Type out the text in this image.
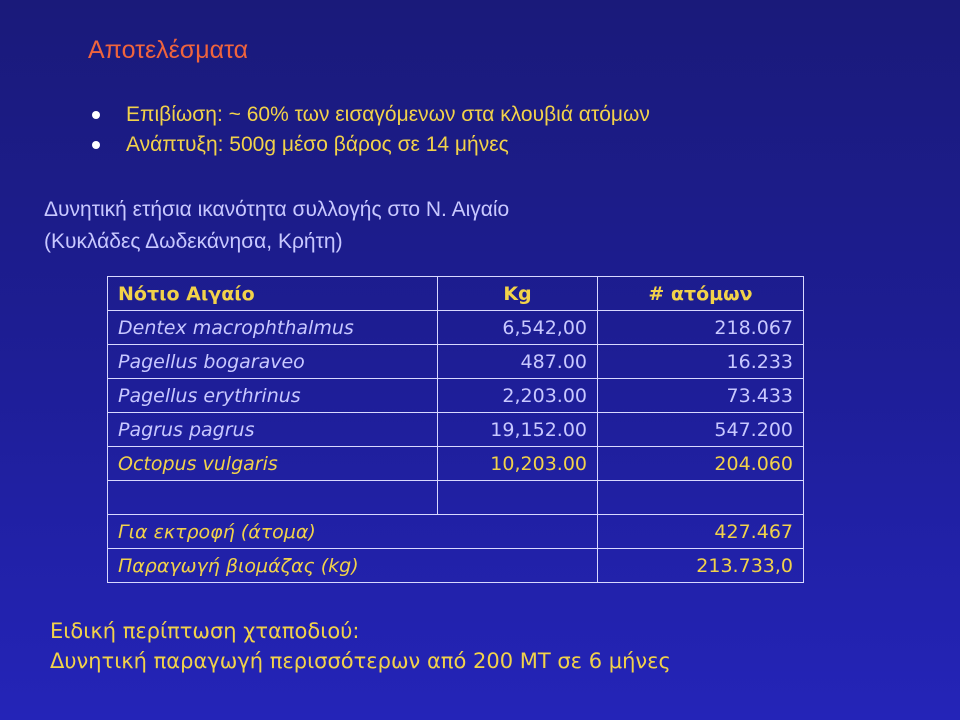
Αποτελέσματα
Επιβίωση: ~ 60% των εισαγόμενων στα κλουβιά ατόμων
Ανάπτυξη: 500g μέσο βάρος σε 14 μήνες
Δυνητική ετήσια ικανότητα συλλογής στο Ν. Αιγαίο
(Κυκλάδες Δωδεκάνησα, Κρήτη)
Νότιο Αιγαίο	Kg	# ατόμων
Dentex macrophthalmus	6,542,00	218.067
Pagellus bogaraveo	487.00	16.233
Pagellus erythrinus	2,203.00	73.433
Pagrus pagrus	19,152.00	547.200
Octopus vulgaris	10,203.00	204.060

Για εκτροφή (άτομα)		427.467
Παραγωγή βιομάζας (kg)		213.733,0
Ειδική περίπτωση χταποδιού:
Δυνητική παραγωγή περισσότερων από 200 ΜΤ σε 6 μήνες
